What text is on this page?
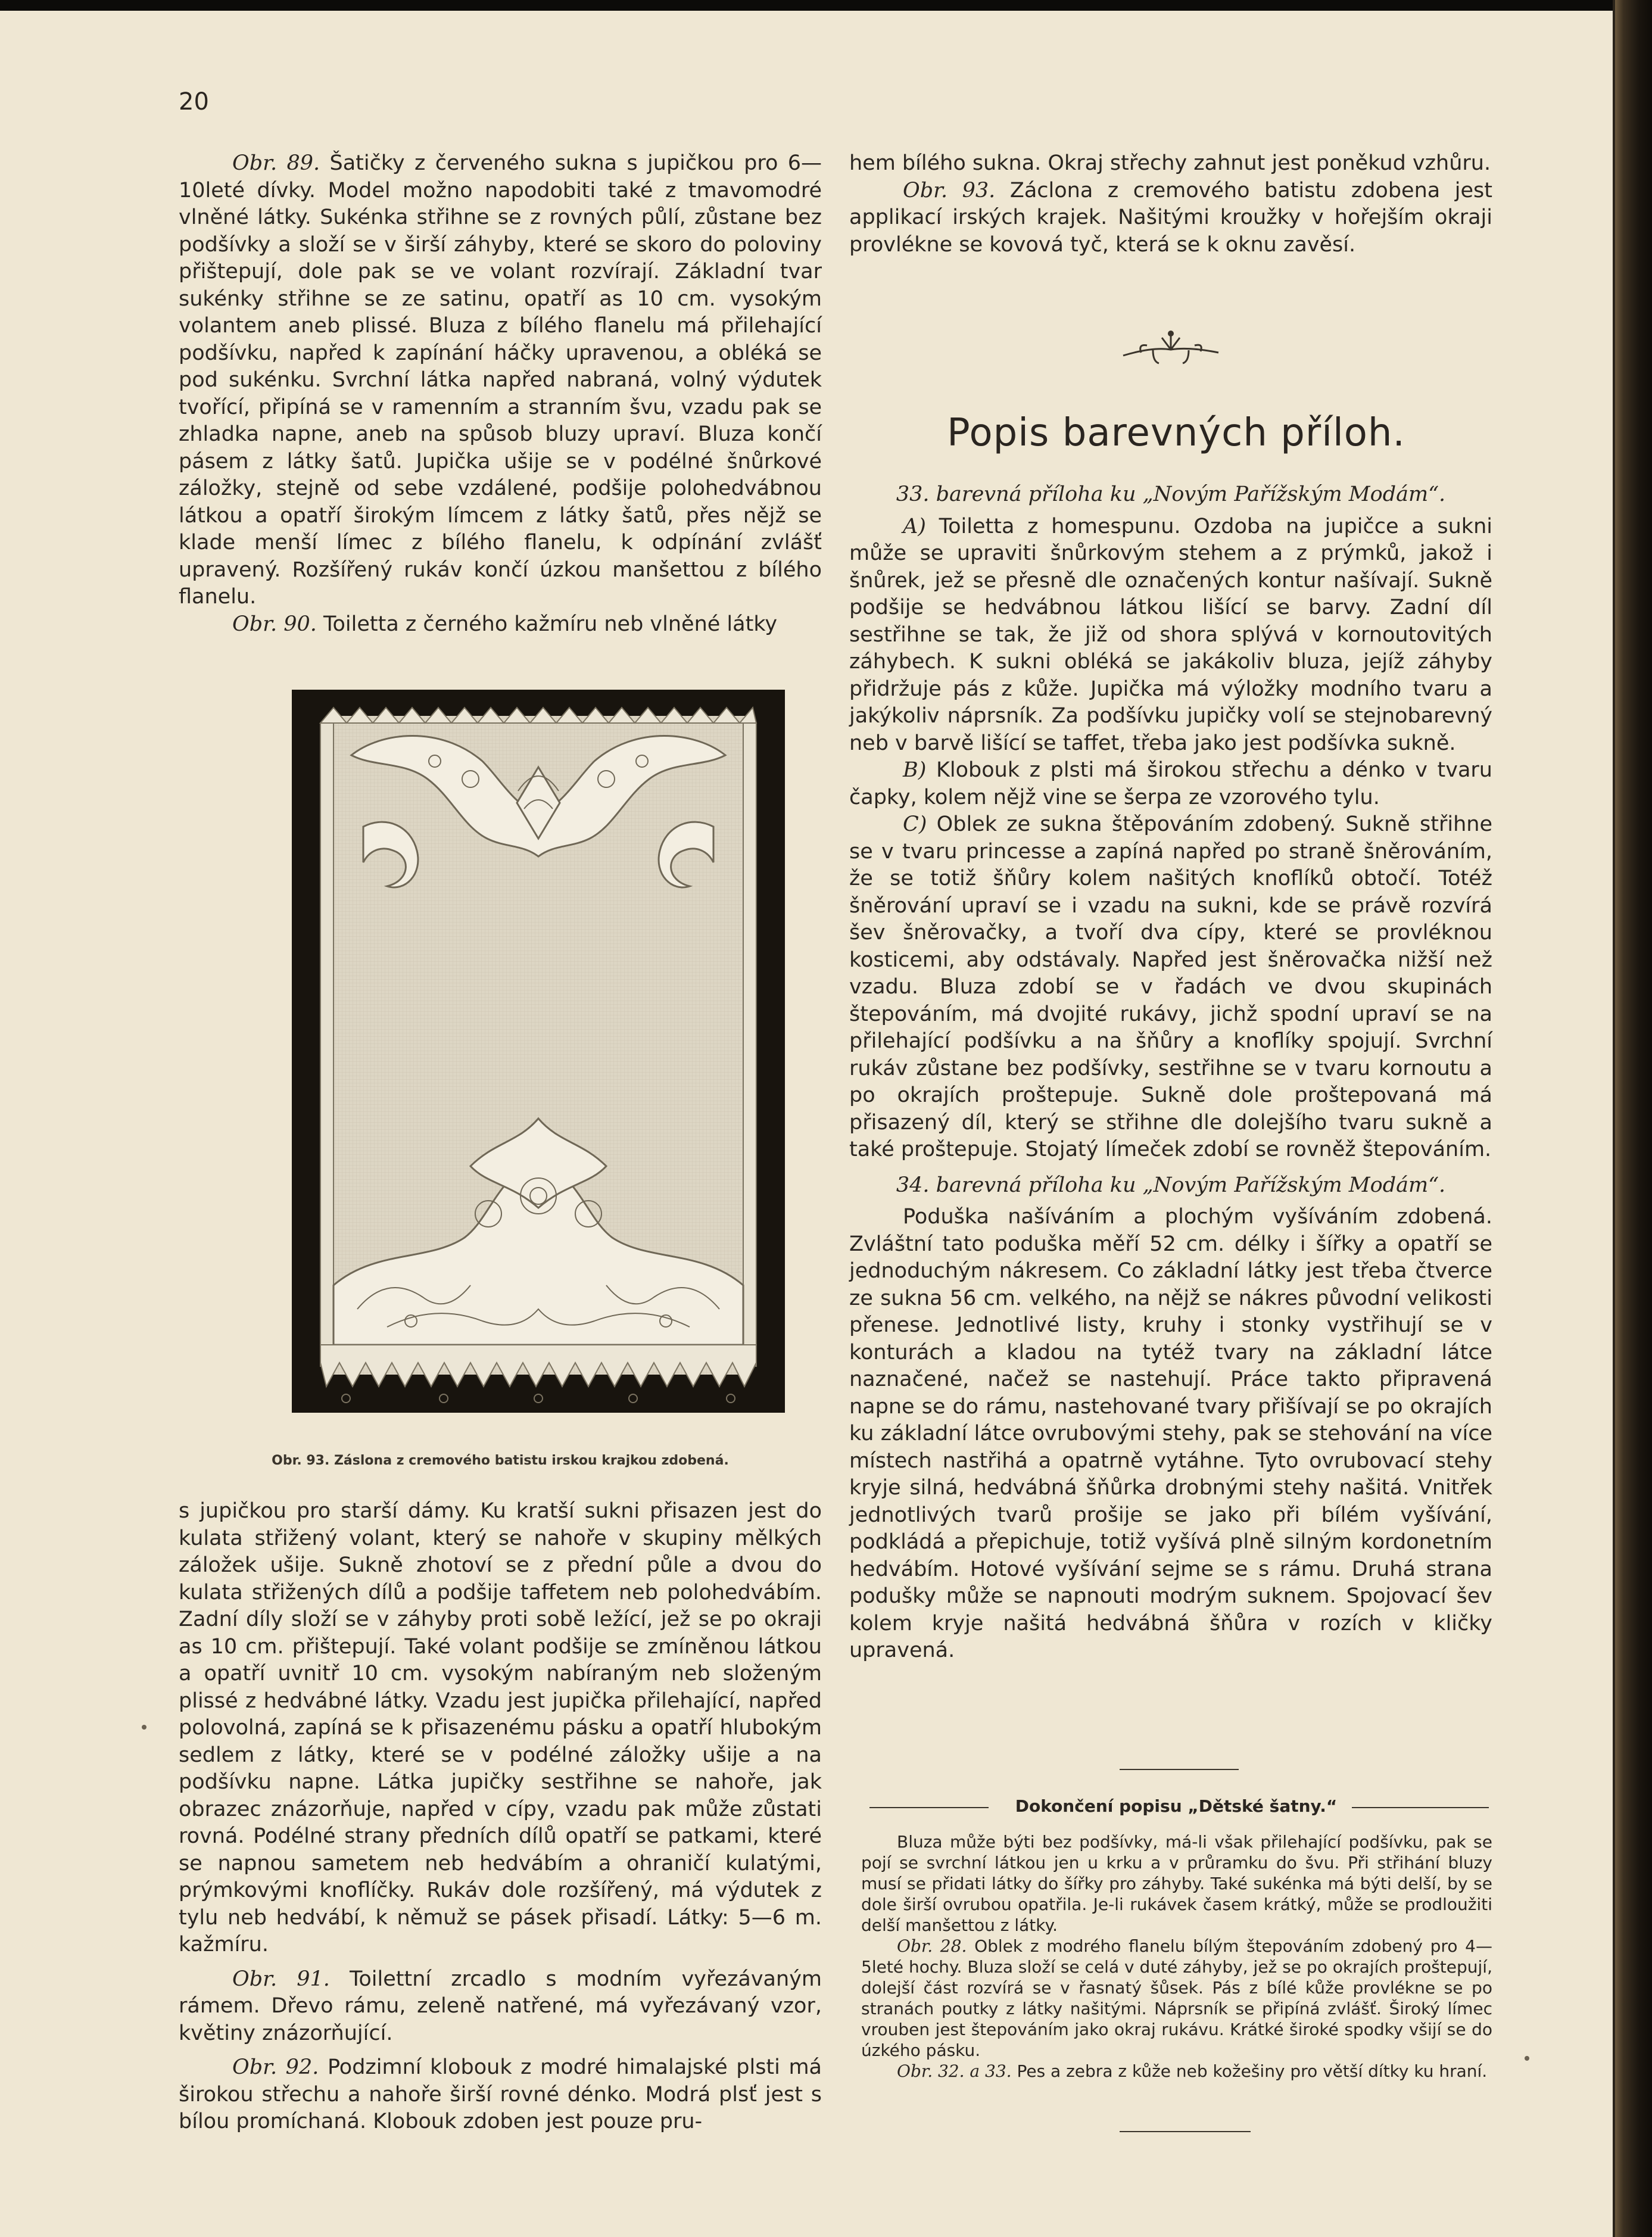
20

Obr. 89. Šatičky z červeného sukna s jupičkou pro 6—10leté dívky. Model možno napodobiti také z tmavomodré vlněné látky. Sukénka střihne se z rovných půlí, zůstane bez podšívky a složí se v širší záhyby, které se skoro do poloviny přištepují, dole pak se ve volant rozvírají. Základní tvar sukénky střihne se ze satinu, opatří as 10 cm. vysokým volantem aneb plissé. Bluza z bílého flanelu má přilehající podšívku, napřed k zapínání háčky upravenou, a obléká se pod sukénku. Svrchní látka napřed nabraná, volný výdutek tvořící, připíná se v ramenním a stranním švu, vzadu pak se zhladka napne, aneb na spůsob bluzy upraví. Bluza končí pásem z látky šatů. Jupička ušije se v podélné šnůrkové záložky, stejně od sebe vzdálené, podšije polohedvábnou látkou a opatří širokým límcem z látky šatů, přes nějž se klade menší límec z bílého flanelu, k odpínání zvlášť upravený. Rozšířený rukáv končí úzkou manšettou z bílého flanelu.

Obr. 90. Toiletta z černého kažmíru neb vlněné látky

Obr. 93. Záslona z cremového batistu irskou krajkou zdobená.

s jupičkou pro starší dámy. Ku kratší sukni přisazen jest do kulata střižený volant, který se nahoře v skupiny mělkých záložek ušije. Sukně zhotoví se z přední půle a dvou do kulata střižených dílů a podšije taffetem neb polohedvábím. Zadní díly složí se v záhyby proti sobě ležící, jež se po okraji as 10 cm. přištepují. Také volant podšije se zmíněnou látkou a opatří uvnitř 10 cm. vysokým nabíraným neb složeným plissé z hedvábné látky. Vzadu jest jupička přilehající, napřed polovolná, zapíná se k přisazenému pásku a opatří hlubokým sedlem z látky, které se v podélné záložky ušije a na podšívku napne. Látka jupičky sestřihne se nahoře, jak obrazec znázorňuje, napřed v cípy, vzadu pak může zůstati rovná. Podélné strany předních dílů opatří se patkami, které se napnou sametem neb hedvábím a ohraničí kulatými, prýmkovými knoflíčky. Rukáv dole rozšířený, má výdutek z tylu neb hedvábí, k němuž se pásek přisadí. Látky: 5—6 m. kažmíru.

Obr. 91. Toilettní zrcadlo s modním vyřezávaným rámem. Dřevo rámu, zeleně natřené, má vyřezávaný vzor, květiny znázorňující.

Obr. 92. Podzimní klobouk z modré himalajské plsti má širokou střechu a nahoře širší rovné dénko. Modrá plsť jest s bílou promíchaná. Klobouk zdoben jest pouze pru-

hem bílého sukna. Okraj střechy zahnut jest poněkud vzhůru.

Obr. 93. Záclona z cremového batistu zdobena jest applikací irských krajek. Našitými kroužky v hořejším okraji provlékne se kovová tyč, která se k oknu zavěsí.

Popis barevných příloh.

33. barevná příloha ku „Novým Pařížským Modám“.

A) Toiletta z homespunu. Ozdoba na jupičce a sukni může se upraviti šnůrkovým stehem a z prýmků, jakož i šnůrek, jež se přesně dle označených kontur našívají. Sukně podšije se hedvábnou látkou lišící se barvy. Zadní díl sestřihne se tak, že již od shora splývá v kornoutovitých záhybech. K sukni obléká se jakákoliv bluza, jejíž záhyby přidržuje pás z kůže. Jupička má výložky modního tvaru a jakýkoliv náprsník. Za podšívku jupičky volí se stejnobarevný neb v barvě lišící se taffet, třeba jako jest podšívka sukně.

B) Klobouk z plsti má širokou střechu a dénko v tvaru čapky, kolem nějž vine se šerpa ze vzorového tylu.

C) Oblek ze sukna štěpováním zdobený. Sukně střihne se v tvaru princesse a zapíná napřed po straně šněrováním, že se totiž šňůry kolem našitých knoflíků obtočí. Totéž šněrování upraví se i vzadu na sukni, kde se právě rozvírá šev šněrovačky, a tvoří dva cípy, které se provléknou kosticemi, aby odstávaly. Napřed jest šněrovačka nižší než vzadu. Bluza zdobí se v řadách ve dvou skupinách štepováním, má dvojité rukávy, jichž spodní upraví se na přilehající podšívku a na šňůry a knoflíky spojují. Svrchní rukáv zůstane bez podšívky, sestřihne se v tvaru kornoutu a po okrajích proštepuje. Sukně dole proštepovaná má přisazený díl, který se střihne dle dolejšího tvaru sukně a také proštepuje. Stojatý límeček zdobí se rovněž štepováním.

34. barevná příloha ku „Novým Pařížským Modám“.

Poduška našíváním a plochým vyšíváním zdobená. Zvláštní tato poduška měří 52 cm. délky i šířky a opatří se jednoduchým nákresem. Co základní látky jest třeba čtverce ze sukna 56 cm. velkého, na nějž se nákres původní velikosti přenese. Jednotlivé listy, kruhy i stonky vystřihují se v konturách a kladou na tytéž tvary na základní látce naznačené, načež se nastehují. Práce takto připravená napne se do rámu, nastehované tvary přišívají se po okrajích ku základní látce ovrubovými stehy, pak se stehování na více místech nastřihá a opatrně vytáhne. Tyto ovrubovací stehy kryje silná, hedvábná šňůrka drobnými stehy našitá. Vnitřek jednotlivých tvarů prošije se jako při bílém vyšívání, podkládá a přepichuje, totiž vyšívá plně silným kordonetním hedvábím. Hotové vyšívání sejme se s rámu. Druhá strana podušky může se napnouti modrým suknem. Spojovací šev kolem kryje našitá hedvábná šňůra v rozích v kličky upravená.

Dokončení popisu „Dětské šatny.“

Bluza může býti bez podšívky, má-li však přilehající podšívku, pak se pojí se svrchní látkou jen u krku a v průramku do švu. Při střihání bluzy musí se přidati látky do šířky pro záhyby. Také sukénka má býti delší, by se dole širší ovrubou opatřila. Je-li rukávek časem krátký, může se prodloužiti delší manšettou z látky.

Obr. 28. Oblek z modrého flanelu bílým štepováním zdobený pro 4—5leté hochy. Bluza složí se celá v duté záhyby, jež se po okrajích proštepují, dolejší část rozvírá se v řasnatý šůsek. Pás z bílé kůže provlékne se po stranách poutky z látky našitými. Náprsník se připíná zvlášť. Široký límec vrouben jest štepováním jako okraj rukávu. Krátké široké spodky všijí se do úzkého pásku.

Obr. 32. a 33. Pes a zebra z kůže neb kožešiny pro větší dítky ku hraní.
